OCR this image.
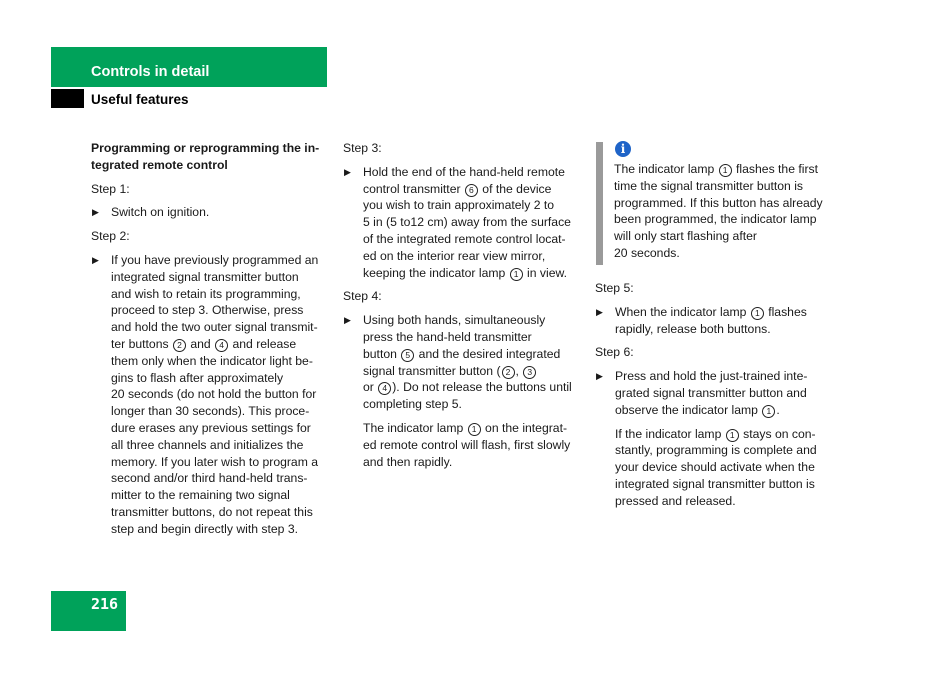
Controls in detail
Useful features

Programming or reprogramming the in-
tegrated remote control

Step 1:

▶ Switch on ignition.

Step 2:

▶ If you have previously programmed an
integrated signal transmitter button
and wish to retain its programming,
proceed to step 3. Otherwise, press
and hold the two outer signal transmit-
ter buttons 2 and 4 and release
them only when the indicator light be-
gins to flash after approximately
20 seconds (do not hold the button for
longer than 30 seconds). This proce-
dure erases any previous settings for
all three channels and initializes the
memory. If you later wish to program a
second and/or third hand-held trans-
mitter to the remaining two signal
transmitter buttons, do not repeat this
step and begin directly with step 3.

Step 3:

▶ Hold the end of the hand-held remote
control transmitter 6 of the device
you wish to train approximately 2 to
5 in (5 to12 cm) away from the surface
of the integrated remote control locat-
ed on the interior rear view mirror,
keeping the indicator lamp 1 in view.

Step 4:

▶ Using both hands, simultaneously
press the hand-held transmitter
button 5 and the desired integrated
signal transmitter button ( 2 , 3
or 4 ). Do not release the buttons until
completing step 5.
The indicator lamp 1 on the integrat-
ed remote control will flash, first slowly
and then rapidly.
i
The indicator lamp 1 flashes the first
time the signal transmitter button is
programmed. If this button has already
been programmed, the indicator lamp
will only start flashing after
20 seconds.

Step 5:

▶ When the indicator lamp 1 flashes
rapidly, release both buttons.

Step 6:

▶ Press and hold the just-trained inte-
grated signal transmitter button and
observe the indicator lamp 1 .
If the indicator lamp 1 stays on con-
stantly, programming is complete and
your device should activate when the
integrated signal transmitter button is
pressed and released.
216
